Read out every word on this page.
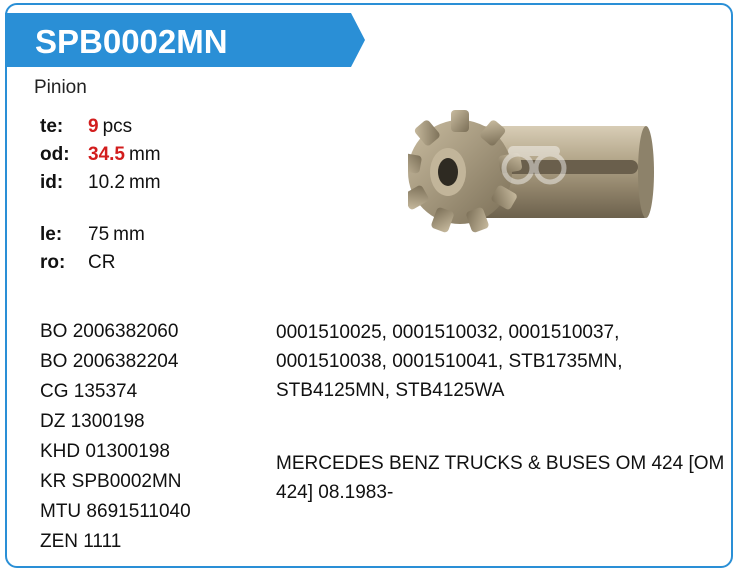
SPB0002MN
Pinion
te: 9 pcs
od: 34.5 mm
id: 10.2 mm
le: 75 mm
ro: CR
BO 2006382060
BO 2006382204
CG 135374
DZ 1300198
KHD 01300198
KR SPB0002MN
MTU 8691511040
ZEN 1111
0001510025, 0001510032, 0001510037, 0001510038, 0001510041, STB1735MN, STB4125MN, STB4125WA
MERCEDES BENZ TRUCKS & BUSES OM 424 [OM 424] 08.1983-
